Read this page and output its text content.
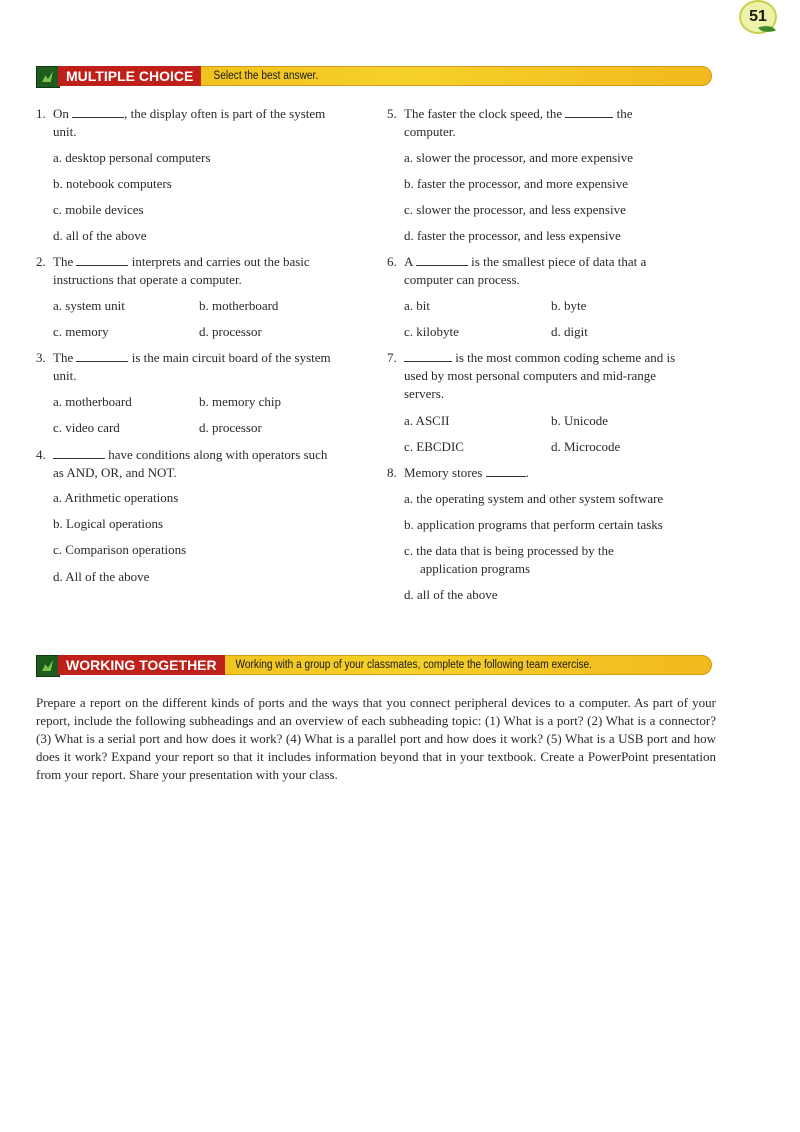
51
MULTIPLE CHOICE	Select the best answer.
1. On	, the display often is part of the system
unit.
a. desktop personal computers
b. notebook computers
c. mobile devices
d. all of the above
2. The	interprets and carries out the basic
instructions that operate a computer.
a. system unit	b. motherboard
c. memory	d. processor
3. The	is the main circuit board of the system
unit.
a. motherboard	b. memory chip
c. video card	d. processor
4.	have conditions along with operators such
as AND, OR, and NOT.
a. Arithmetic operations
b. Logical operations
c. Comparison operations
d. All of the above
5. The faster the clock speed, the	the
computer.
a. slower the processor, and more expensive
b. faster the processor, and more expensive
c. slower the processor, and less expensive
d. faster the processor, and less expensive
6. A	is the smallest piece of data that a
computer can process.
a. bit	b. byte
c. kilobyte	d. digit
7.	is the most common coding scheme and is
used by most personal computers and mid-range
servers.
a. ASCII	b. Unicode
c. EBCDIC	d. Microcode
8. Memory stores	.
a. the operating system and other system software
b. application programs that perform certain tasks
c. the data that is being processed by the
application programs
d. all of the above
WORKING TOGETHER	Working with a group of your classmates, complete the following team exercise.
Prepare a report on the different kinds of ports and the ways that you connect peripheral devices to a computer. As part of your report, include the following subheadings and an overview of each subheading topic: (1) What is a port? (2) What is a connector? (3) What is a serial port and how does it work? (4) What is a parallel port and how does it work? (5) What is a USB port and how does it work? Expand your report so that it includes information beyond that in your textbook. Create a PowerPoint presentation from your report. Share your presentation with your class.
